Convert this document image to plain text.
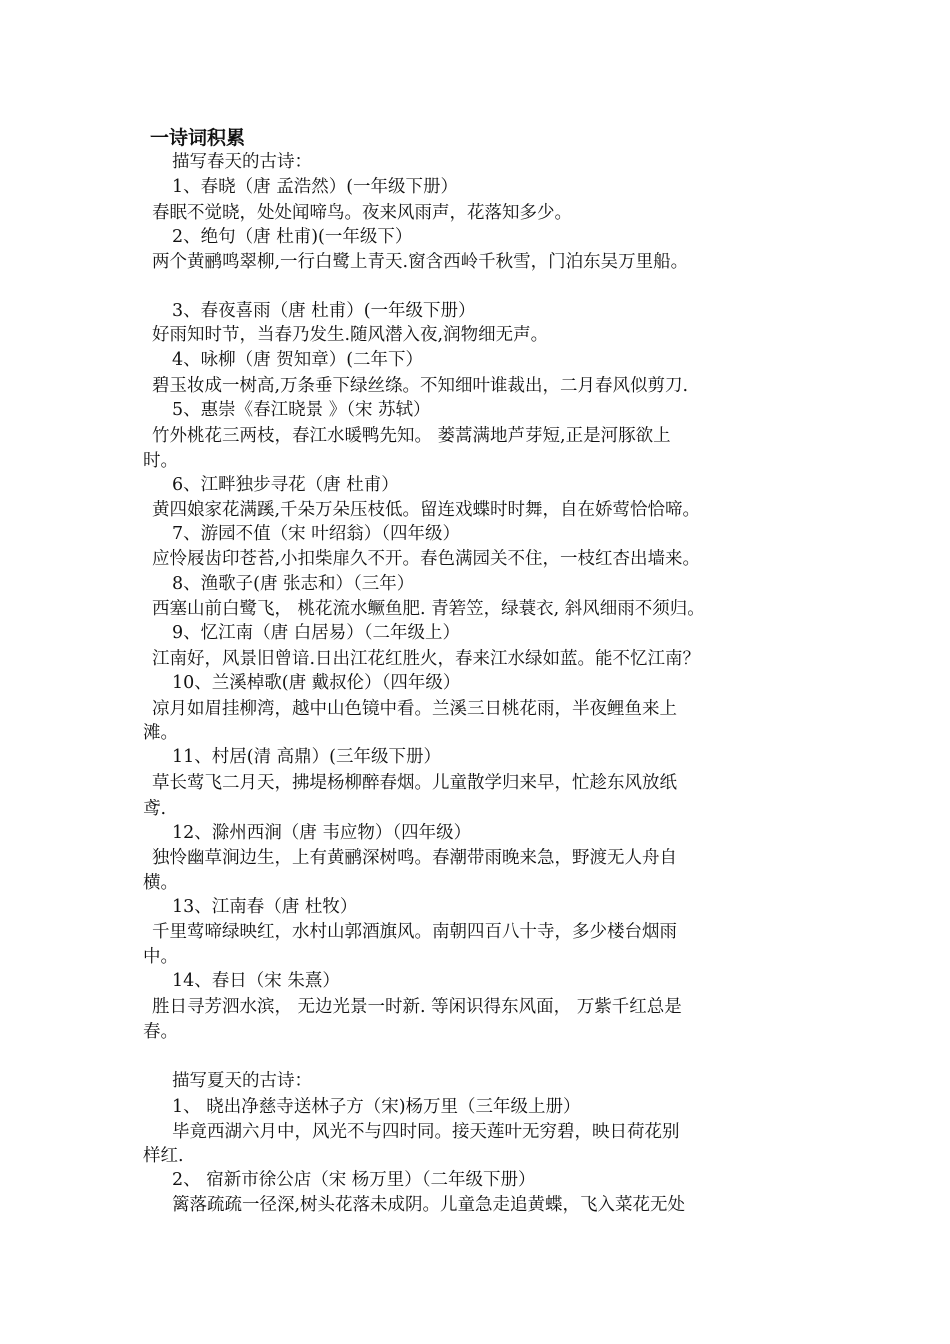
一诗词积累
描写春天的古诗：
1、春晓（唐 孟浩然）(一年级下册）
春眠不觉晓，处处闻啼鸟。夜来风雨声，花落知多少。
2、绝句（唐 杜甫)(一年级下）
两个黄鹂鸣翠柳,一行白鹭上青天.窗含西岭千秋雪，门泊东吴万里船。
3、春夜喜雨（唐 杜甫）(一年级下册）
好雨知时节，当春乃发生.随风潜入夜,润物细无声。
4、咏柳（唐 贺知章）(二年下）
碧玉妆成一树高,万条垂下绿丝绦。不知细叶谁裁出，二月春风似剪刀.
5、惠崇《春江晓景 》（宋 苏轼）
竹外桃花三两枝，春江水暖鸭先知。 蒌蒿满地芦芽短,正是河豚欲上
时。
6、江畔独步寻花（唐 杜甫）
黄四娘家花满蹊,千朵万朵压枝低。留连戏蝶时时舞，自在娇莺恰恰啼。
7、游园不值（宋 叶绍翁）（四年级）
应怜屐齿印苍苔,小扣柴扉久不开。春色满园关不住，一枝红杏出墙来。
8、渔歌子(唐 张志和）（三年）
西塞山前白鹭飞， 桃花流水鳜鱼肥. 青箬笠，绿蓑衣, 斜风细雨不须归。
9、忆江南（唐 白居易）（二年级上）
江南好，风景旧曾谙.日出江花红胜火，春来江水绿如蓝。能不忆江南？
10、兰溪棹歌(唐 戴叔伦）（四年级）
凉月如眉挂柳湾，越中山色镜中看。兰溪三日桃花雨，半夜鲤鱼来上
滩。
11、村居(清 高鼎）(三年级下册）
草长莺飞二月天，拂堤杨柳醉春烟。儿童散学归来早，忙趁东风放纸
鸢.
12、滁州西涧（唐 韦应物）（四年级）
独怜幽草涧边生，上有黄鹂深树鸣。春潮带雨晚来急，野渡无人舟自
横。
13、江南春（唐 杜牧）
千里莺啼绿映红，水村山郭酒旗风。南朝四百八十寺，多少楼台烟雨
中。
14、春日（宋 朱熹）
胜日寻芳泗水滨， 无边光景一时新. 等闲识得东风面， 万紫千红总是
春。
描写夏天的古诗：
1、 晓出净慈寺送林子方（宋)杨万里（三年级上册）
毕竟西湖六月中，风光不与四时同。接天莲叶无穷碧，映日荷花别
样红.
2、 宿新市徐公店（宋 杨万里）（二年级下册）
篱落疏疏一径深,树头花落未成阴。儿童急走追黄蝶，飞入菜花无处
